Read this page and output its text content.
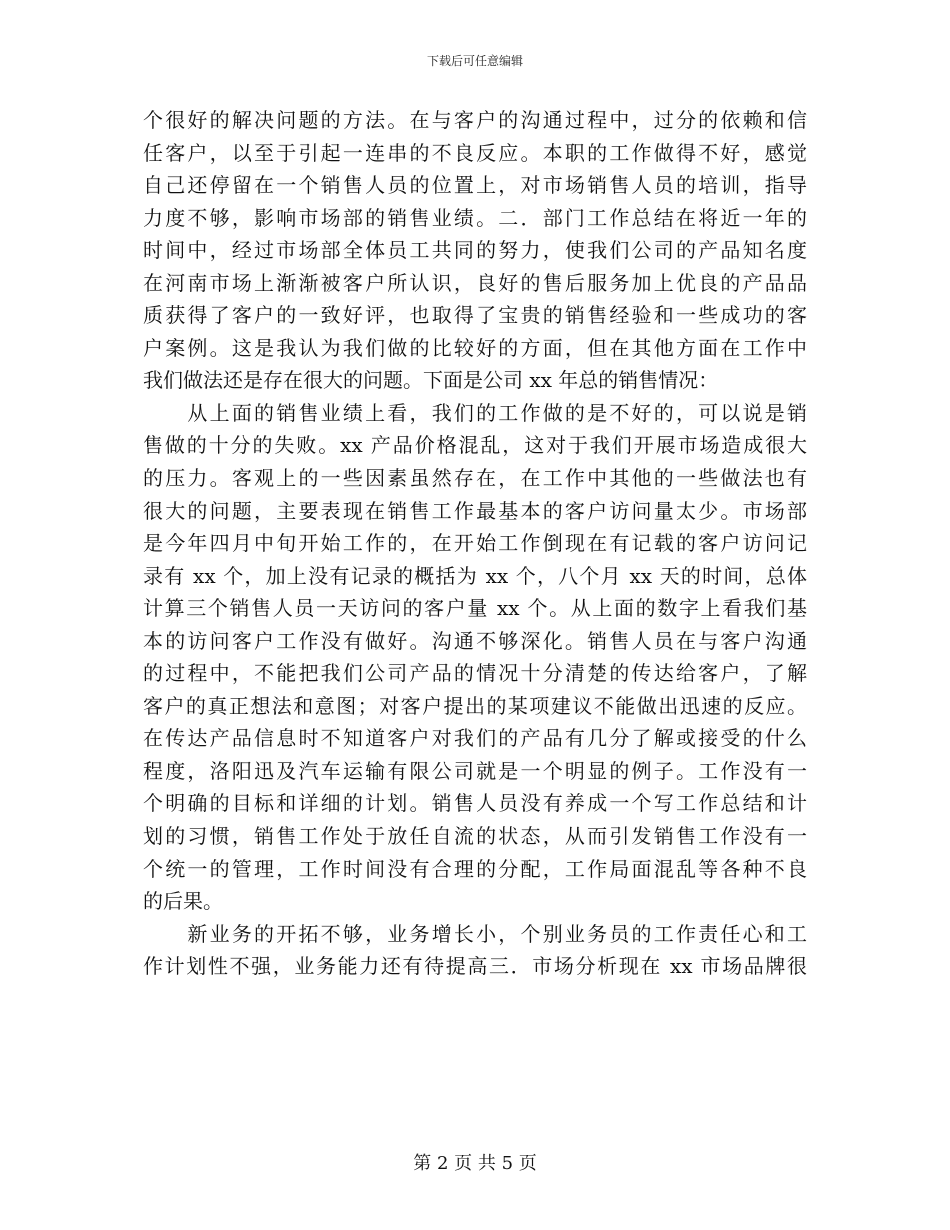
下载后可任意编辑
个很好的解决问题的方法。在与客户的沟通过程中，过分的依赖和信
任客户，以至于引起一连串的不良反应。本职的工作做得不好，感觉
自己还停留在一个销售人员的位置上，对市场销售人员的培训，指导
力度不够，影响市场部的销售业绩。二．部门工作总结在将近一年的
时间中，经过市场部全体员工共同的努力，使我们公司的产品知名度
在河南市场上渐渐被客户所认识，良好的售后服务加上优良的产品品
质获得了客户的一致好评，也取得了宝贵的销售经验和一些成功的客
户案例。这是我认为我们做的比较好的方面，但在其他方面在工作中
我们做法还是存在很大的问题。下面是公司 xx 年总的销售情况：
　　从上面的销售业绩上看，我们的工作做的是不好的，可以说是销
售做的十分的失败。xx 产品价格混乱，这对于我们开展市场造成很大
的压力。客观上的一些因素虽然存在，在工作中其他的一些做法也有
很大的问题，主要表现在销售工作最基本的客户访问量太少。市场部
是今年四月中旬开始工作的，在开始工作倒现在有记载的客户访问记
录有 xx 个，加上没有记录的概括为 xx 个，八个月 xx 天的时间，总体
计算三个销售人员一天访问的客户量 xx 个。从上面的数字上看我们基
本的访问客户工作没有做好。沟通不够深化。销售人员在与客户沟通
的过程中，不能把我们公司产品的情况十分清楚的传达给客户，了解
客户的真正想法和意图；对客户提出的某项建议不能做出迅速的反应。
在传达产品信息时不知道客户对我们的产品有几分了解或接受的什么
程度，洛阳迅及汽车运输有限公司就是一个明显的例子。工作没有一
个明确的目标和详细的计划。销售人员没有养成一个写工作总结和计
划的习惯，销售工作处于放任自流的状态，从而引发销售工作没有一
个统一的管理，工作时间没有合理的分配，工作局面混乱等各种不良
的后果。
　　新业务的开拓不够，业务增长小，个别业务员的工作责任心和工
作计划性不强，业务能力还有待提高三．市场分析现在 xx 市场品牌很
第 2 页 共 5 页
